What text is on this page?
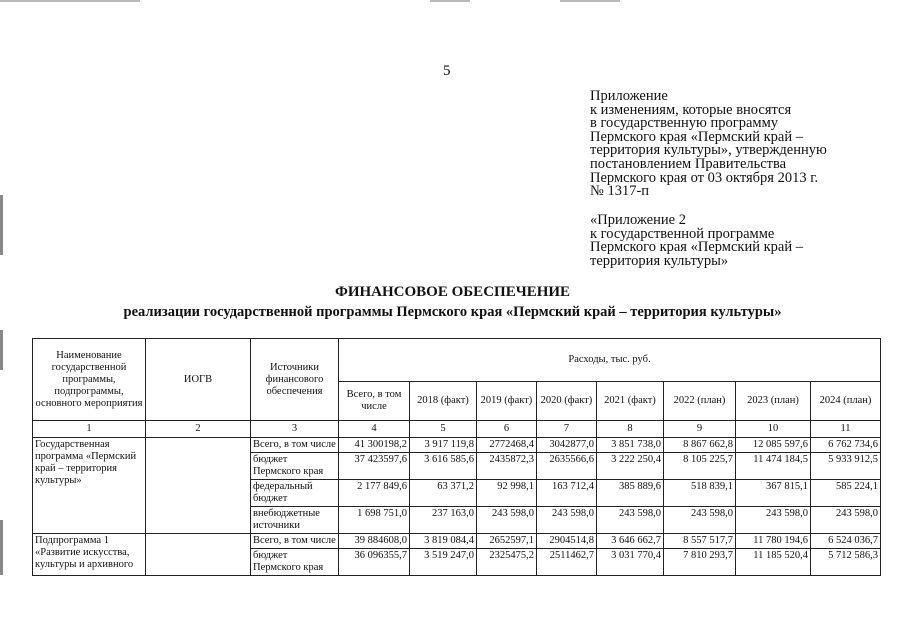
5
Приложение
к изменениям, которые вносятся
в государственную программу
Пермского края «Пермский край –
территория культуры», утвержденную
постановлением Правительства
Пермского края от 03 октября 2013 г.
№ 1317-п
«Приложение 2
к государственной программе
Пермского края «Пермский край –
территория культуры»
ФИНАНСОВОЕ ОБЕСПЕЧЕНИЕ
реализации государственной программы Пермского края «Пермский край – территория культуры»
Наименование государственной программы, подпрограммы, основного мероприятия	ИОГВ	Источники финансового обеспечения	Расходы, тыс. руб.							
			Всего, в том числе	2018 (факт)	2019 (факт)	2020 (факт)	2021 (факт)	2022 (план)	2023 (план)	2024 (план)
1	2	3	4	5	6	7	8	9	10	11
Государственная программа «Пермский край – территория культуры»		Всего, в том числе	41 300198,2	3 917 119,8	2772468,4	3042877,0	3 851 738,0	8 867 662,8	12 085 597,6	6 762 734,6
		бюджет Пермского края	37 423597,6	3 616 585,6	2435872,3	2635566,6	3 222 250,4	8 105 225,7	11 474 184,5	5 933 912,5
		федеральный бюджет	2 177 849,6	63 371,2	92 998,1	163 712,4	385 889,6	518 839,1	367 815,1	585 224,1
		внебюджетные источники	1 698 751,0	237 163,0	243 598,0	243 598,0	243 598,0	243 598,0	243 598,0	243 598,0
Подпрограмма 1 «Развитие искусства, культуры и архивного		Всего, в том числе	39 884608,0	3 819 084,4	2652597,1	2904514,8	3 646 662,7	8 557 517,7	11 780 194,6	6 524 036,7
		бюджет Пермского края	36 096355,7	3 519 247,0	2325475,2	2511462,7	3 031 770,4	7 810 293,7	11 185 520,4	5 712 586,3
